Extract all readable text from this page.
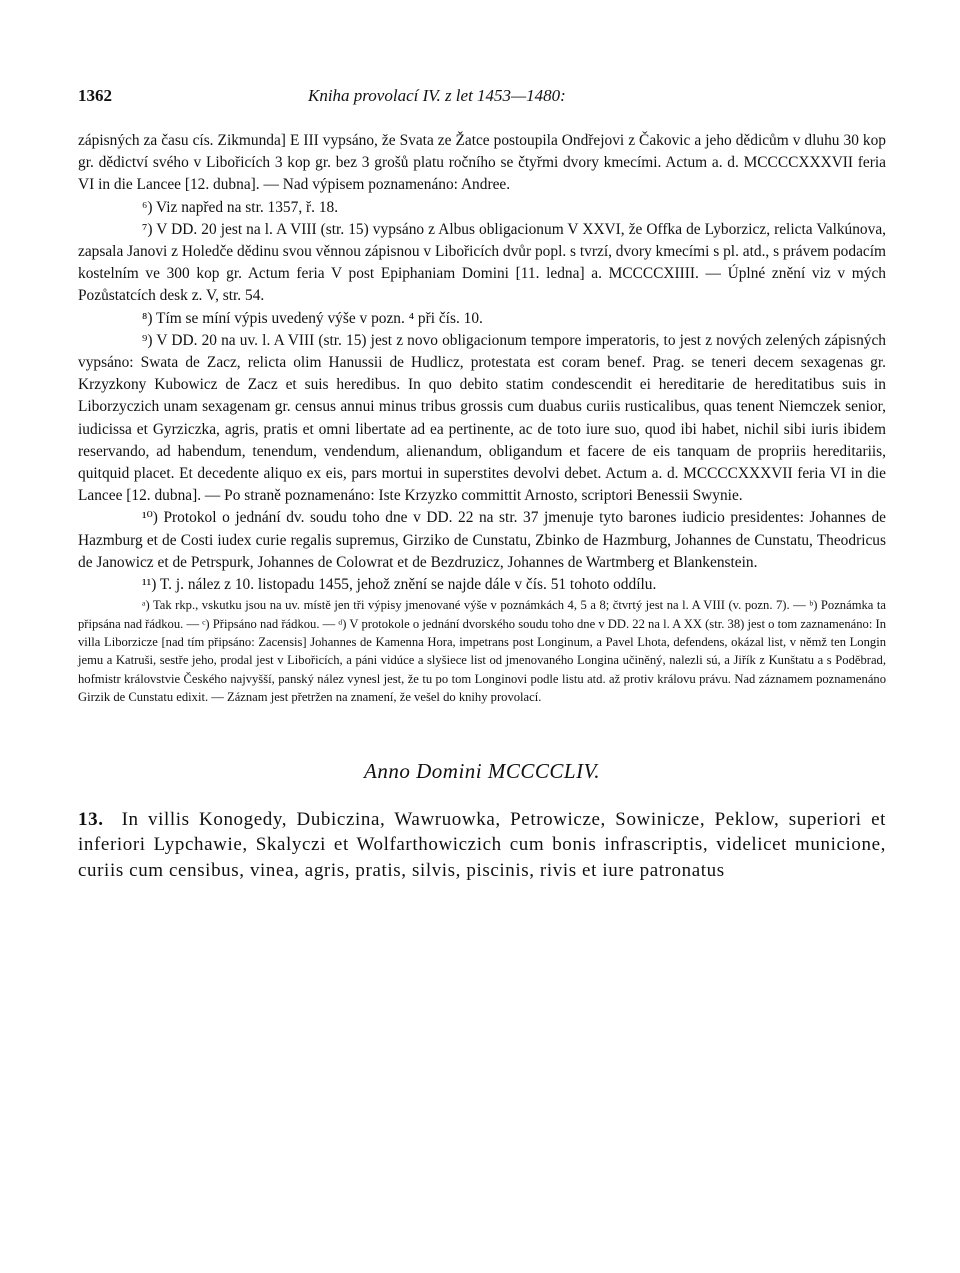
1362	Kniha provolací IV. z let 1453—1480:

zápisných za času cís. Zikmunda] E III vypsáno, že Svata ze Žatce postoupila Ondřejovi z Čakovic a jeho dědicům v dluhu 30 kop gr. dědictví svého v Libořicích 3 kop gr. bez 3 grošů platu ročního se čtyřmi dvory kmecími. Actum a. d. MCCCCXXXVII feria VI in die Lancee [12. dubna]. — Nad výpisem poznamenáno: Andree.

⁶) Viz napřed na str. 1357, ř. 18.

⁷) V DD. 20 jest na l. A VIII (str. 15) vypsáno z Albus obligacionum V XXVI, že Offka de Lyborzicz, relicta Valkúnova, zapsala Janovi z Holedče dědinu svou věnnou zápisnou v Libořicích dvůr popl. s tvrzí, dvory kmecími s pl. atd., s právem podacím kostelním ve 300 kop gr. Actum feria V post Epiphaniam Domini [11. ledna] a. MCCCCXIIII. — Úplné znění viz v mých Pozůstatcích desk z. V, str. 54.

⁸) Tím se míní výpis uvedený výše v pozn. ⁴ při čís. 10.

⁹) V DD. 20 na uv. l. A VIII (str. 15) jest z novo obligacionum tempore imperatoris, to jest z nových zelených zápisných vypsáno: Swata de Zacz, relicta olim Hanussii de Hudlicz, protestata est coram benef. Prag. se teneri decem sexagenas gr. Krzyzkony Kubowicz de Zacz et suis heredibus. In quo debito statim condescendit ei hereditarie de hereditatibus suis in Liborzyczich unam sexagenam gr. census annui minus tribus grossis cum duabus curiis rusticalibus, quas tenent Niemczek senior, iudicissa et Gyrziczka, agris, pratis et omni libertate ad ea pertinente, ac de toto iure suo, quod ibi habet, nichil sibi iuris ibidem reservando, ad habendum, tenendum, vendendum, alienandum, obligandum et facere de eis tanquam de propriis hereditariis, quitquid placet. Et decedente aliquo ex eis, pars mortui in superstites devolvi debet. Actum a. d. MCCCCXXXVII feria VI in die Lancee [12. dubna]. — Po straně poznamenáno: Iste Krzyzko committit Arnosto, scriptori Benessii Swynie.

¹⁰) Protokol o jednání dv. soudu toho dne v DD. 22 na str. 37 jmenuje tyto barones iudicio presidentes: Johannes de Hazmburg et de Costi iudex curie regalis supremus, Girziko de Cunstatu, Zbinko de Hazmburg, Johannes de Cunstatu, Theodricus de Janowicz et de Petrspurk, Johannes de Colowrat et de Bezdruzicz, Johannes de Wartmberg et Blankenstein.

¹¹) T. j. nález z 10. listopadu 1455, jehož znění se najde dále v čís. 51 tohoto oddílu.

ᵃ) Tak rkp., vskutku jsou na uv. místě jen tři výpisy jmenované výše v poznámkách 4, 5 a 8; čtvrtý jest na l. A VIII (v. pozn. 7). — ᵇ) Poznámka ta připsána nad řádkou. — ᶜ) Připsáno nad řádkou. — ᵈ) V protokole o jednání dvorského soudu toho dne v DD. 22 na l. A XX (str. 38) jest o tom zaznamenáno: In villa Liborzicze [nad tím připsáno: Zacensis] Johannes de Kamenna Hora, impetrans post Longinum, a Pavel Lhota, defendens, okázal list, v němž ten Longin jemu a Katruši, sestře jeho, prodal jest v Libořicích, a páni vidúce a slyšiece list od jmenovaného Longina učiněný, nalezli sú, a Jiřík z Kunštatu a s Poděbrad, hofmistr královstvie Českého najvyšší, panský nález vynesl jest, že tu po tom Longinovi podle listu atd. až protiv královu právu. Nad záznamem poznamenáno Girzik de Cunstatu edixit. — Záznam jest přetržen na znamení, že vešel do knihy provolací.

Anno Domini MCCCCLIV.
13. In villis Konogedy, Dubiczina, Wawruowka, Petrowicze, Sowinicze, Peklow, superiori et inferiori Lypchawie, Skalyczi et Wolfarthowiczich cum bonis infrascriptis, videlicet municione, curiis cum censibus, vinea, agris, pratis, silvis, piscinis, rivis et iure patronatus
